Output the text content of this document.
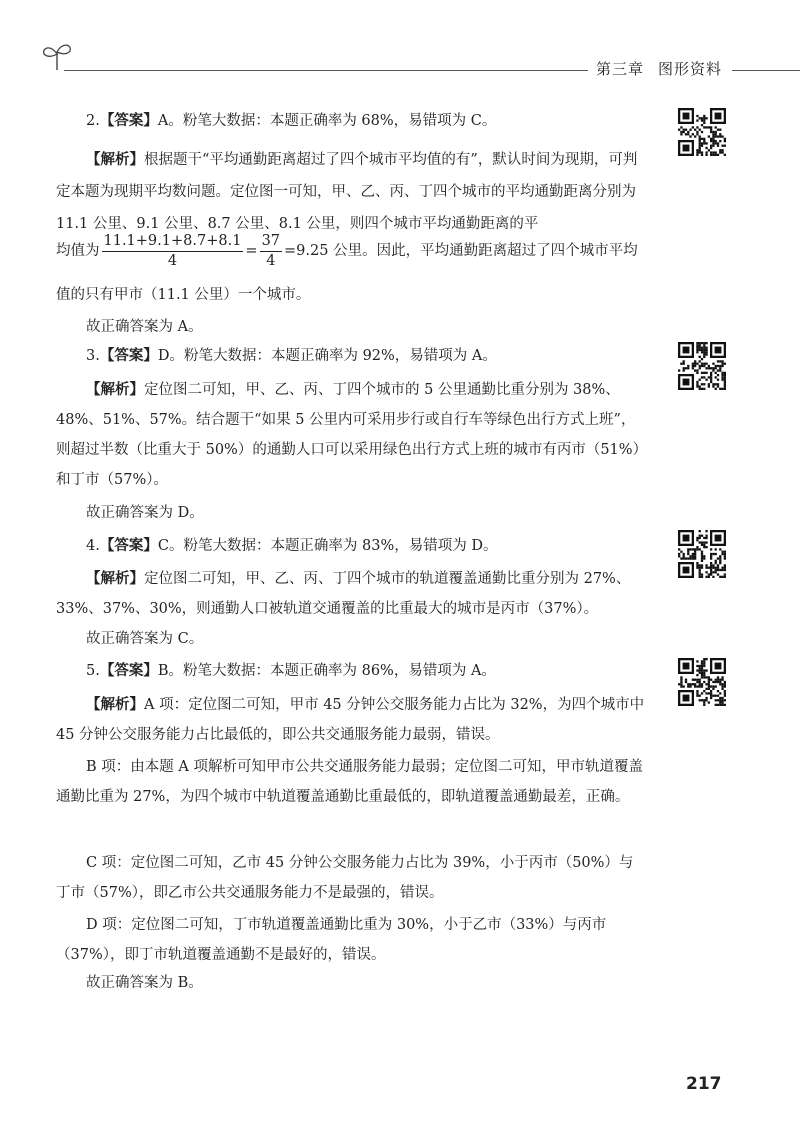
第三章 图形资料

2.【答案】A。粉笔大数据：本题正确率为 68%，易错项为 C。

【解析】根据题干“平均通勤距离超过了四个城市平均值的有”，默认时间为现期，可判定本题为现期平均数问题。定位图一可知，甲、乙、丙、丁四个城市的平均通勤距离分别为 11.1 公里、9.1 公里、8.7 公里、8.1 公里，则四个城市平均通勤距离的平

均值为 $\frac{11.1+9.1+8.7+8.1}{4} = \frac{37}{4} =9.25$ 公里。因此，平均通勤距离超过了四个城市平均

值的只有甲市（11.1 公里）一个城市。

故正确答案为 A。

3.【答案】D。粉笔大数据：本题正确率为 92%，易错项为 A。

【解析】定位图二可知，甲、乙、丙、丁四个城市的 5 公里通勤比重分别为 38%、48%、51%、57%。结合题干“如果 5 公里内可采用步行或自行车等绿色出行方式上班”，则超过半数（比重大于 50%）的通勤人口可以采用绿色出行方式上班的城市有丙市（51%）和丁市（57%）。

故正确答案为 D。

4.【答案】C。粉笔大数据：本题正确率为 83%，易错项为 D。

【解析】定位图二可知，甲、乙、丙、丁四个城市的轨道覆盖通勤比重分别为 27%、33%、37%、30%，则通勤人口被轨道交通覆盖的比重最大的城市是丙市（37%）。

故正确答案为 C。

5.【答案】B。粉笔大数据：本题正确率为 86%，易错项为 A。

【解析】A 项：定位图二可知，甲市 45 分钟公交服务能力占比为 32%，为四个城市中 45 分钟公交服务能力占比最低的，即公共交通服务能力最弱，错误。

B 项：由本题 A 项解析可知甲市公共交通服务能力最弱；定位图二可知，甲市轨道覆盖通勤比重为 27%，为四个城市中轨道覆盖通勤比重最低的，即轨道覆盖通勤最差，正确。

C 项：定位图二可知，乙市 45 分钟公交服务能力占比为 39%，小于丙市（50%）与丁市（57%），即乙市公共交通服务能力不是最强的，错误。

D 项：定位图二可知，丁市轨道覆盖通勤比重为 30%，小于乙市（33%）与丙市（37%），即丁市轨道覆盖通勤不是最好的，错误。

故正确答案为 B。

217
